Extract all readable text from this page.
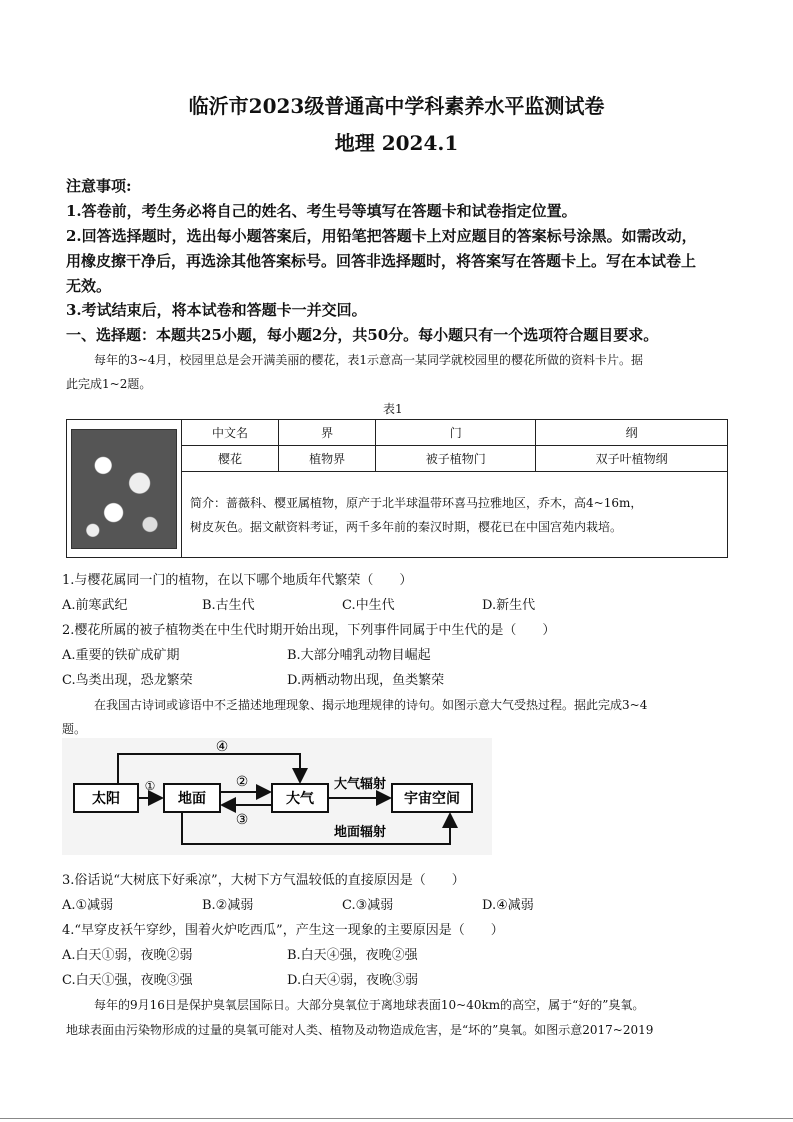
临沂市2023级普通高中学科素养水平监测试卷
地理 2024.1
注意事项:
1.答卷前，考生务必将自己的姓名、考生号等填写在答题卡和试卷指定位置。
2.回答选择题时，选出每小题答案后，用铅笔把答题卡上对应题目的答案标号涂黑。如需改动，
用橡皮擦干净后，再选涂其他答案标号。回答非选择题时，将答案写在答题卡上。写在本试卷上
无效。
3.考试结束后，将本试卷和答题卡一并交回。
一、选择题：本题共25小题，每小题2分，共50分。每小题只有一个选项符合题目要求。
每年的3~4月，校园里总是会开满美丽的樱花，表1示意高一某同学就校园里的樱花所做的资料卡片。据
此完成1~2题。
表1
	中文名	界	门	纲
	樱花	植物界	被子植物门	双子叶植物纲

	简介：蔷薇科、樱亚属植物，原产于北半球温带环喜马拉雅地区，乔木，高4~16m，
树皮灰色。据文献资料考证，两千多年前的秦汉时期，樱花已在中国宫苑内栽培。			
1.与樱花属同一门的植物，在以下哪个地质年代繁荣（　　）
A.前寒武纪	B.古生代	C.中生代	D.新生代
2.樱花所属的被子植物类在中生代时期开始出现，下列事件同属于中生代的是（　　）
A.重要的铁矿成矿期	B.大部分哺乳动物目崛起
C.鸟类出现，恐龙繁荣	D.两栖动物出现，鱼类繁荣
在我国古诗词或谚语中不乏描述地理现象、揭示地理规律的诗句。如图示意大气受热过程。据此完成3~4
题。
太阳	地面	大气	宇宙空间
①
④
②
③
大气辐射
地面辐射
3.俗话说“大树底下好乘凉”，大树下方气温较低的直接原因是（　　）
A.①减弱	B.②减弱	C.③减弱	D.④减弱
4.“早穿皮袄午穿纱，围着火炉吃西瓜”，产生这一现象的主要原因是（　　）
A.白天①弱，夜晚②弱	B.白天④强，夜晚②强
C.白天①强，夜晚③强	D.白天④弱，夜晚③弱
每年的9月16日是保护臭氧层国际日。大部分臭氧位于离地球表面10~40km的高空，属于“好的”臭氧。
地球表面由污染物形成的过量的臭氧可能对人类、植物及动物造成危害，是“坏的”臭氧。如图示意2017~2019
